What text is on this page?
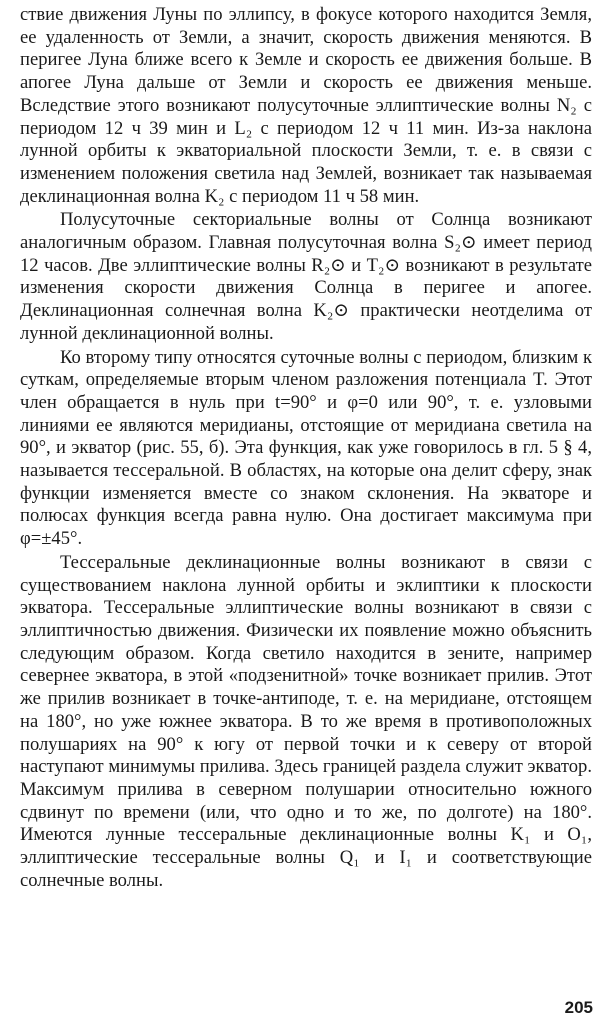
ствие движения Луны по эллипсу, в фокусе которого находится Земля, ее удаленность от Земли, а значит, скорость движения меняются. В перигее Луна ближе всего к Земле и скорость ее движения больше. В апогее Луна дальше от Земли и скорость ее движения меньше. Вследствие этого возникают полусуточные эллиптические волны N₂ с периодом 12 ч 39 мин и L₂ с периодом 12 ч 11 мин. Из-за наклона лунной орбиты к экваториальной плоскости Земли, т. е. в связи с изменением положения светила над Землей, возникает так называемая деклинационная волна K₂ с периодом 11 ч 58 мин.

Полусуточные секториальные волны от Солнца возникают аналогичным образом. Главная полусуточная волна S₂⊙ имеет период 12 часов. Две эллиптические волны R₂⊙ и T₂⊙ возникают в результате изменения скорости движения Солнца в перигее и апогее. Деклинационная солнечная волна K₂⊙ практически неотделима от лунной деклинационной волны.

Ко второму типу относятся суточные волны с периодом, близким к суткам, определяемые вторым членом разложения потенциала T. Этот член обращается в нуль при t=90° и φ=0 или 90°, т. е. узловыми линиями ее являются меридианы, отстоящие от меридиана светила на 90°, и экватор (рис. 55, б). Эта функция, как уже говорилось в гл. 5 § 4, называется тессеральной. В областях, на которые она делит сферу, знак функции изменяется вместе со знаком склонения. На экваторе и полюсах функция всегда равна нулю. Она достигает максимума при φ=±45°.

Тессеральные деклинационные волны возникают в связи с существованием наклона лунной орбиты и эклиптики к плоскости экватора. Тессеральные эллиптические волны возникают в связи с эллиптичностью движения. Физически их появление можно объяснить следующим образом. Когда светило находится в зените, например севернее экватора, в этой «подзенитной» точке возникает прилив. Этот же прилив возникает в точке-антиподе, т. е. на меридиане, отстоящем на 180°, но уже южнее экватора. В то же время в противоположных полушариях на 90° к югу от первой точки и к северу от второй наступают минимумы прилива. Здесь границей раздела служит экватор. Максимум прилива в северном полушарии относительно южного сдвинут по времени (или, что одно и то же, по долготе) на 180°. Имеются лунные тессеральные деклинационные волны K₁ и O₁, эллиптические тессеральные волны Q₁ и I₁ и соответствующие солнечные волны.

205
